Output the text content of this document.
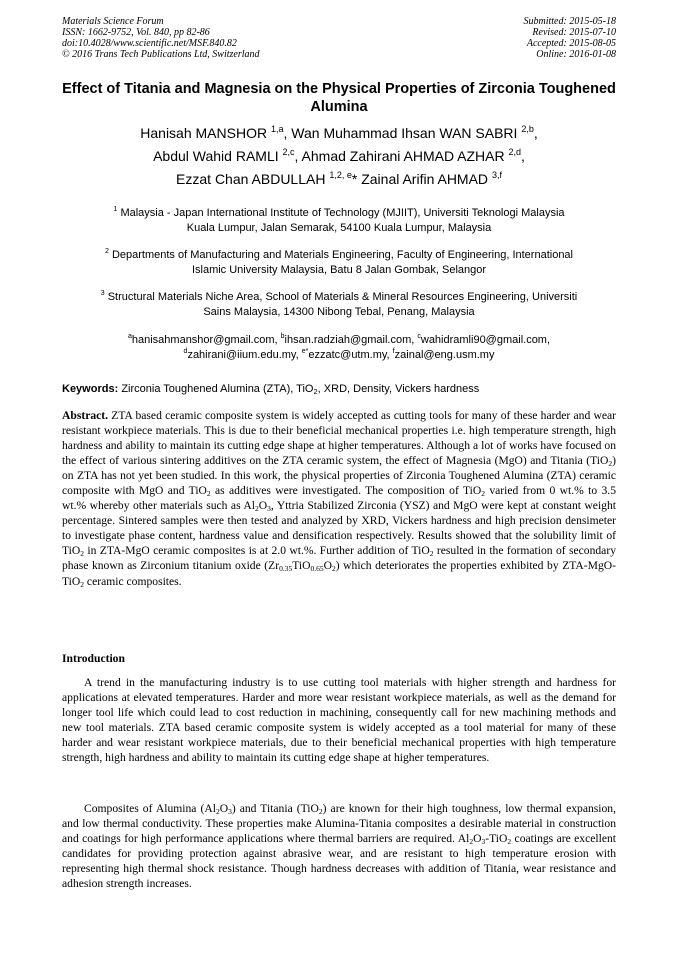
Materials Science Forum
ISSN: 1662-9752, Vol. 840, pp 82-86
doi:10.4028/www.scientific.net/MSF.840.82
© 2016 Trans Tech Publications Ltd, Switzerland
Submitted: 2015-05-18
Revised: 2015-07-10
Accepted: 2015-08-05
Online: 2016-01-08
Effect of Titania and Magnesia on the Physical Properties of Zirconia Toughened Alumina
Hanisah MANSHOR $^{1,a}$, Wan Muhammad Ihsan WAN SABRI $^{2,b}$,
Abdul Wahid RAMLI $^{2,c}$, Ahmad Zahirani AHMAD AZHAR $^{2,d}$,
Ezzat Chan ABDULLAH $^{1,2, e}$* Zainal Arifin AHMAD $^{3,f}$
$^1$ Malaysia - Japan International Institute of Technology (MJIIT), Universiti Teknologi Malaysia
Kuala Lumpur, Jalan Semarak, 54100 Kuala Lumpur, Malaysia
$^2$ Departments of Manufacturing and Materials Engineering, Faculty of Engineering, International
Islamic University Malaysia, Batu 8 Jalan Gombak, Selangor
$^3$ Structural Materials Niche Area, School of Materials & Mineral Resources Engineering, Universiti
Sains Malaysia, 14300 Nibong Tebal, Penang, Malaysia
$^a$hanisahmanshor@gmail.com, $^b$ihsan.radziah@gmail.com, $^c$wahidramli90@gmail.com,
$^d$zahirani@iium.edu.my, $^{e*}$ezzatc@utm.my, $^f$zainal@eng.usm.my
Keywords: Zirconia Toughened Alumina (ZTA), TiO$_2$, XRD, Density, Vickers hardness
Abstract. ZTA based ceramic composite system is widely accepted as cutting tools for many of these harder and wear resistant workpiece materials. This is due to their beneficial mechanical properties i.e. high temperature strength, high hardness and ability to maintain its cutting edge shape at higher temperatures. Although a lot of works have focused on the effect of various sintering additives on the ZTA ceramic system, the effect of Magnesia (MgO) and Titania (TiO$_2$) on ZTA has not yet been studied. In this work, the physical properties of Zirconia Toughened Alumina (ZTA) ceramic composite with MgO and TiO$_2$ as additives were investigated. The composition of TiO$_2$ varied from 0 wt.% to 3.5 wt.% whereby other materials such as $Al_2O_3$, Yttria Stabilized Zirconia (YSZ) and MgO were kept at constant weight percentage. Sintered samples were then tested and analyzed by XRD, Vickers hardness and high precision densimeter to investigate phase content, hardness value and densification respectively. Results showed that the solubility limit of TiO$_2$ in ZTA-MgO ceramic composites is at 2.0 wt.%. Further addition of TiO$_2$ resulted in the formation of secondary phase known as Zirconium titanium oxide $(Zr_{0.35}TiO_{0.65}O_2)$ which deteriorates the properties exhibited by ZTA-MgO-TiO$_2$ ceramic composites.
Introduction
A trend in the manufacturing industry is to use cutting tool materials with higher strength and hardness for applications at elevated temperatures. Harder and more wear resistant workpiece materials, as well as the demand for longer tool life which could lead to cost reduction in machining, consequently call for new machining methods and new tool materials. ZTA based ceramic composite system is widely accepted as a tool material for many of these harder and wear resistant workpiece materials, due to their beneficial mechanical properties with high temperature strength, high hardness and ability to maintain its cutting edge shape at higher temperatures.
Composites of Alumina $(Al_2O_3)$ and Titania (TiO$_2$) are known for their high toughness, low thermal expansion, and low thermal conductivity. These properties make Alumina-Titania composites a desirable material in construction and coatings for high performance applications where thermal barriers are required. $Al_2O_3-TiO_2$ coatings are excellent candidates for providing protection against abrasive wear, and are resistant to high temperature erosion with representing high thermal shock resistance. Though hardness decreases with addition of Titania, wear resistance and adhesion strength increases.
